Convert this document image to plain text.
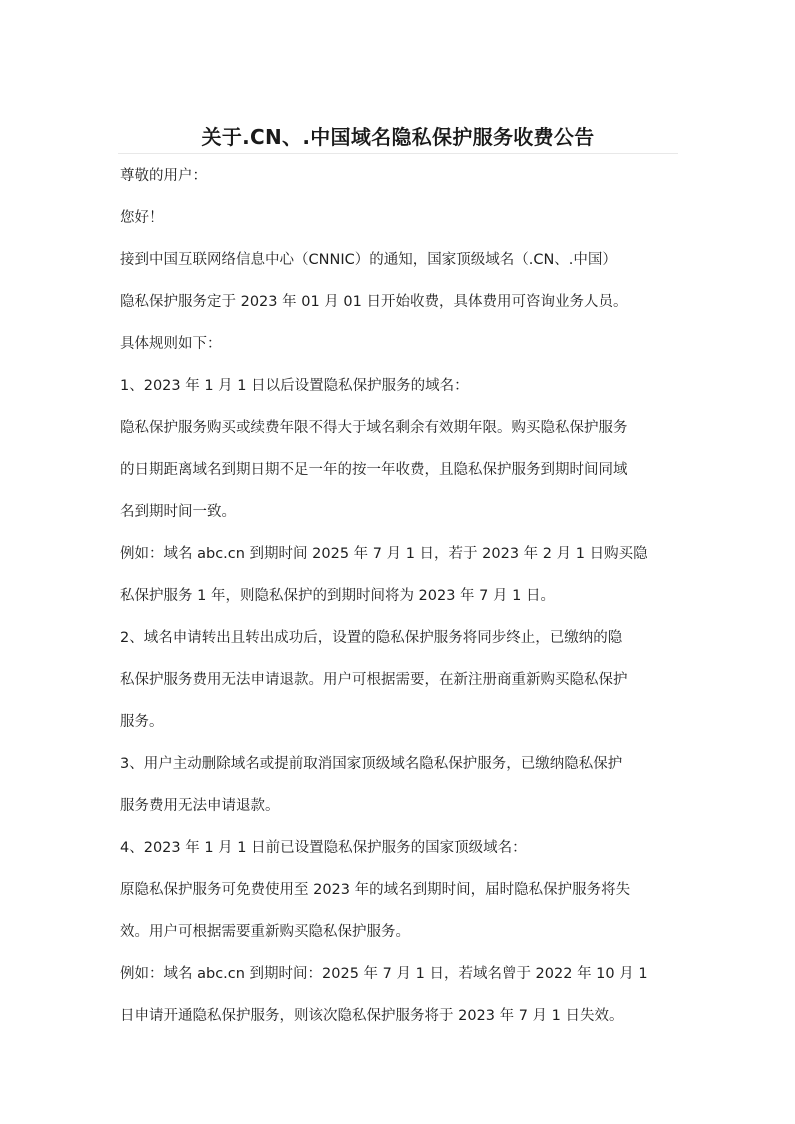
关于.CN、.中国域名隐私保护服务收费公告
尊敬的用户：
您好！
接到中国互联网络信息中心（CNNIC）的通知，国家顶级域名（.CN、.中国）
隐私保护服务定于 2023 年 01 月 01 日开始收费，具体费用可咨询业务人员。
具体规则如下：
1、2023 年 1 月 1 日以后设置隐私保护服务的域名：
隐私保护服务购买或续费年限不得大于域名剩余有效期年限。购买隐私保护服务
的日期距离域名到期日期不足一年的按一年收费，且隐私保护服务到期时间同域
名到期时间一致。
例如：域名 abc.cn 到期时间 2025 年 7 月 1 日，若于 2023 年 2 月 1 日购买隐
私保护服务 1 年，则隐私保护的到期时间将为 2023 年 7 月 1 日。
2、域名申请转出且转出成功后，设置的隐私保护服务将同步终止，已缴纳的隐
私保护服务费用无法申请退款。用户可根据需要，在新注册商重新购买隐私保护
服务。
3、用户主动删除域名或提前取消国家顶级域名隐私保护服务，已缴纳隐私保护
服务费用无法申请退款。
4、2023 年 1 月 1 日前已设置隐私保护服务的国家顶级域名：
原隐私保护服务可免费使用至 2023 年的域名到期时间，届时隐私保护服务将失
效。用户可根据需要重新购买隐私保护服务。
例如：域名 abc.cn 到期时间：2025 年 7 月 1 日，若域名曾于 2022 年 10 月 1
日申请开通隐私保护服务，则该次隐私保护服务将于 2023 年 7 月 1 日失效。
